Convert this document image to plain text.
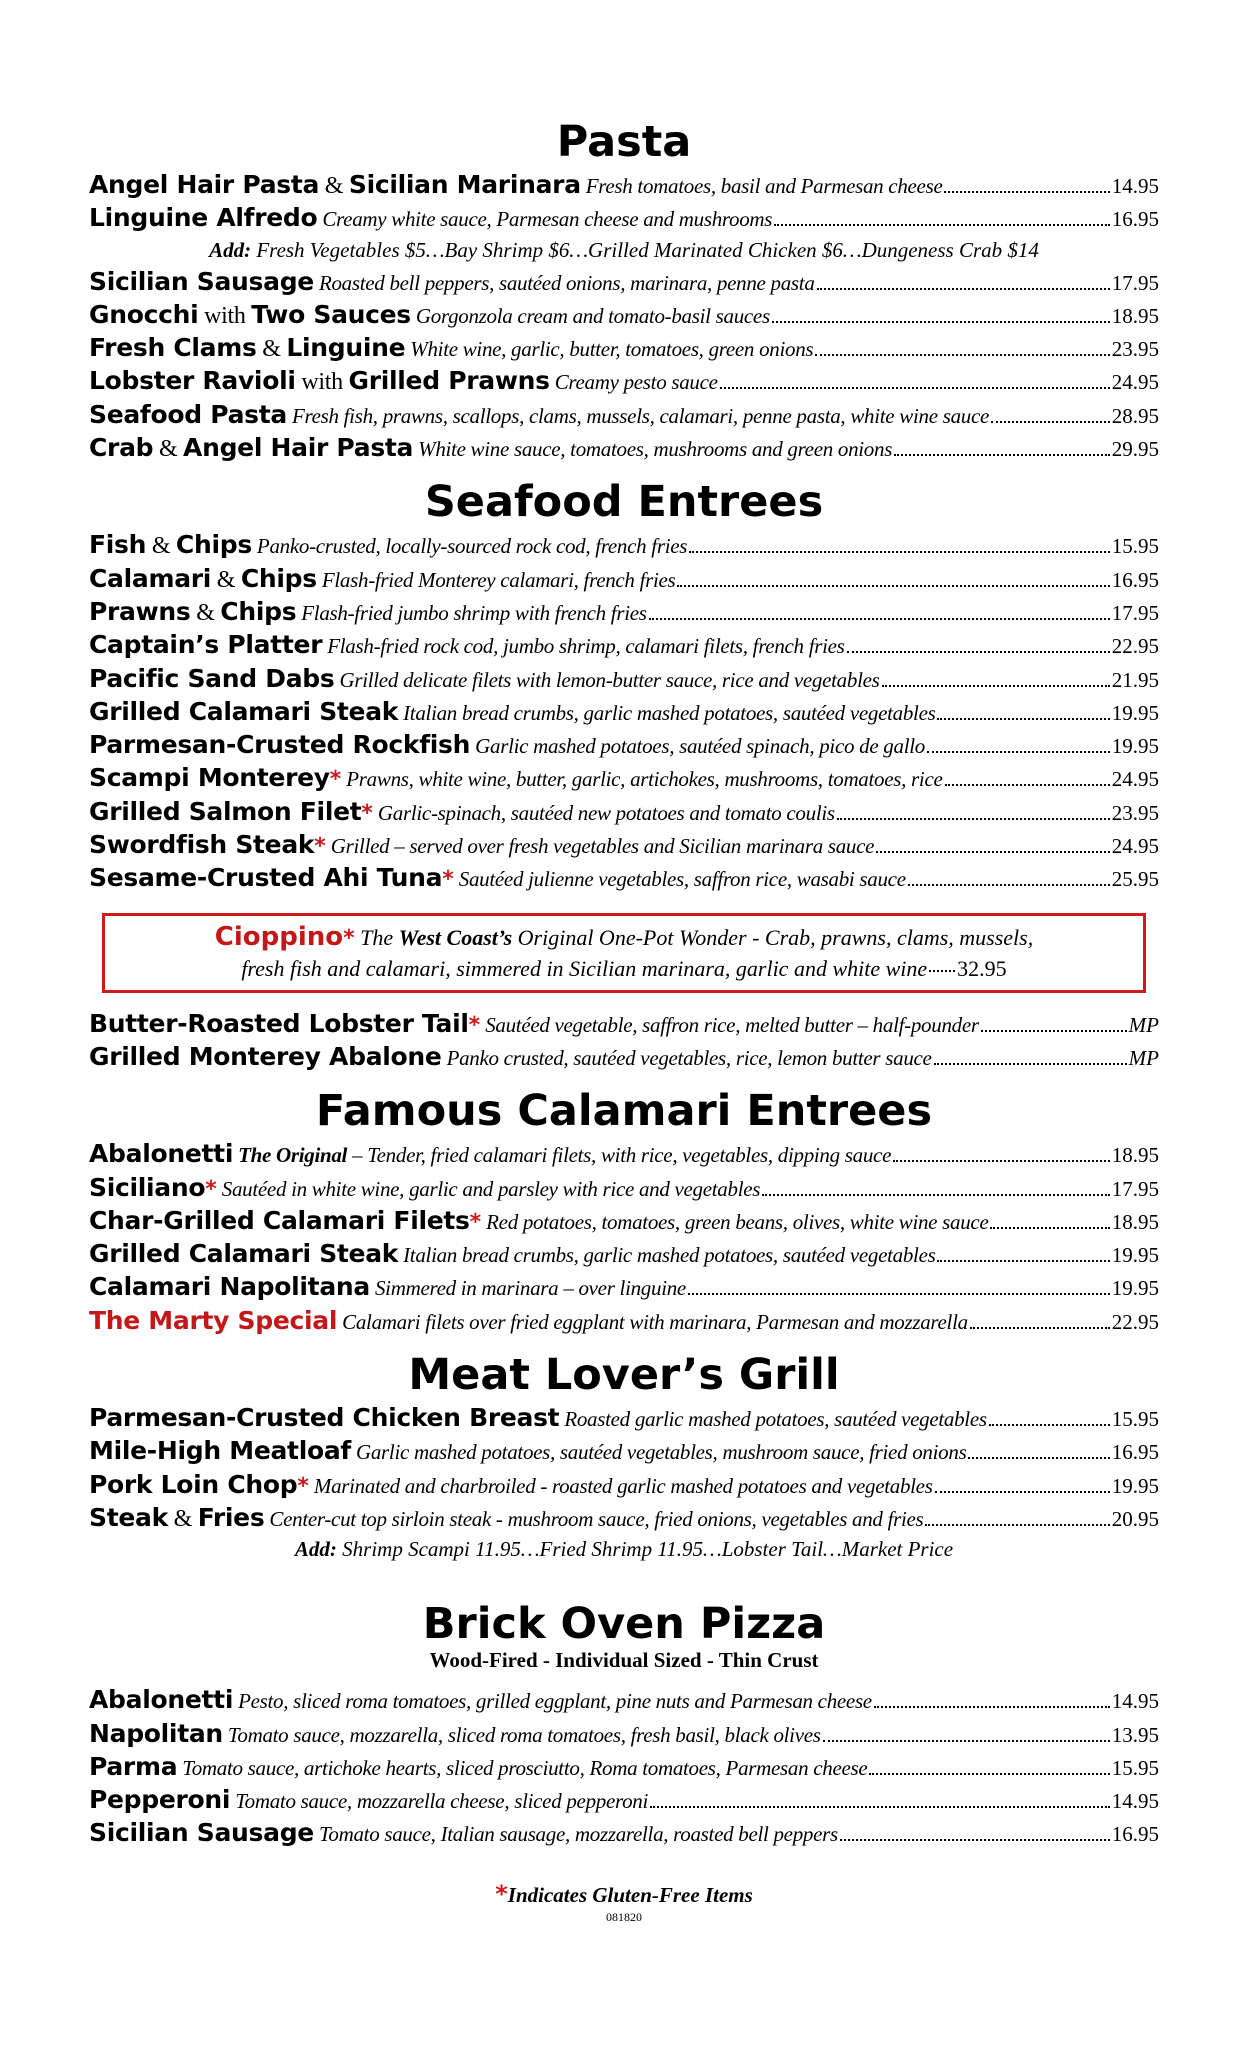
Pasta
Angel Hair Pasta & Sicilian Marinara Fresh tomatoes, basil and Parmesan cheese	14.95
Linguine Alfredo Creamy white sauce, Parmesan cheese and mushrooms	16.95
Add: Fresh Vegetables $5…Bay Shrimp $6…Grilled Marinated Chicken $6…Dungeness Crab $14
Sicilian Sausage Roasted bell peppers, sautéed onions, marinara, penne pasta	17.95
Gnocchi with Two Sauces Gorgonzola cream and tomato-basil sauces	18.95
Fresh Clams & Linguine White wine, garlic, butter, tomatoes, green onions	23.95
Lobster Ravioli with Grilled Prawns Creamy pesto sauce	24.95
Seafood Pasta Fresh fish, prawns, scallops, clams, mussels, calamari, penne pasta, white wine sauce	28.95
Crab & Angel Hair Pasta White wine sauce, tomatoes, mushrooms and green onions	29.95
Seafood Entrees
Fish & Chips Panko-crusted, locally-sourced rock cod, french fries	15.95
Calamari & Chips Flash-fried Monterey calamari, french fries	16.95
Prawns & Chips Flash-fried jumbo shrimp with french fries	17.95
Captain’s Platter Flash-fried rock cod, jumbo shrimp, calamari filets, french fries	22.95
Pacific Sand Dabs Grilled delicate filets with lemon-butter sauce, rice and vegetables	21.95
Grilled Calamari Steak Italian bread crumbs, garlic mashed potatoes, sautéed vegetables	19.95
Parmesan-Crusted Rockfish Garlic mashed potatoes, sautéed spinach, pico de gallo	19.95
Scampi Monterey * Prawns, white wine, butter, garlic, artichokes, mushrooms, tomatoes, rice	24.95
Grilled Salmon Filet * Garlic-spinach, sautéed new potatoes and tomato coulis	23.95
Swordfish Steak * Grilled – served over fresh vegetables and Sicilian marinara sauce	24.95
Sesame-Crusted Ahi Tuna * Sautéed julienne vegetables, saffron rice, wasabi sauce	25.95
Cioppino* The West Coast’s Original One-Pot Wonder - Crab, prawns, clams, mussels,
fresh fish and calamari, simmered in Sicilian marinara, garlic and white wine 32.95
Butter-Roasted Lobster Tail * Sautéed vegetable, saffron rice, melted butter – half-pounder	MP
Grilled Monterey Abalone Panko crusted, sautéed vegetables, rice, lemon butter sauce	MP
Famous Calamari Entrees
Abalonetti The Original – Tender, fried calamari filets, with rice, vegetables, dipping sauce	18.95
Siciliano * Sautéed in white wine, garlic and parsley with rice and vegetables	17.95
Char-Grilled Calamari Filets * Red potatoes, tomatoes, green beans, olives, white wine sauce	18.95
Grilled Calamari Steak Italian bread crumbs, garlic mashed potatoes, sautéed vegetables	19.95
Calamari Napolitana Simmered in marinara – over linguine	19.95
The Marty Special Calamari filets over fried eggplant with marinara, Parmesan and mozzarella	22.95
Meat Lover’s Grill
Parmesan-Crusted Chicken Breast Roasted garlic mashed potatoes, sautéed vegetables	15.95
Mile-High Meatloaf Garlic mashed potatoes, sautéed vegetables, mushroom sauce, fried onions	16.95
Pork Loin Chop * Marinated and charbroiled - roasted garlic mashed potatoes and vegetables	19.95
Steak & Fries Center-cut top sirloin steak - mushroom sauce, fried onions, vegetables and fries	20.95
Add: Shrimp Scampi 11.95…Fried Shrimp 11.95…Lobster Tail…Market Price
Brick Oven Pizza
Wood-Fired - Individual Sized - Thin Crust
Abalonetti Pesto, sliced roma tomatoes, grilled eggplant, pine nuts and Parmesan cheese	14.95
Napolitan Tomato sauce, mozzarella, sliced roma tomatoes, fresh basil, black olives	13.95
Parma Tomato sauce, artichoke hearts, sliced prosciutto, Roma tomatoes, Parmesan cheese	15.95
Pepperoni Tomato sauce, mozzarella cheese, sliced pepperoni	14.95
Sicilian Sausage Tomato sauce, Italian sausage, mozzarella, roasted bell peppers	16.95
*Indicates Gluten-Free Items
081820
